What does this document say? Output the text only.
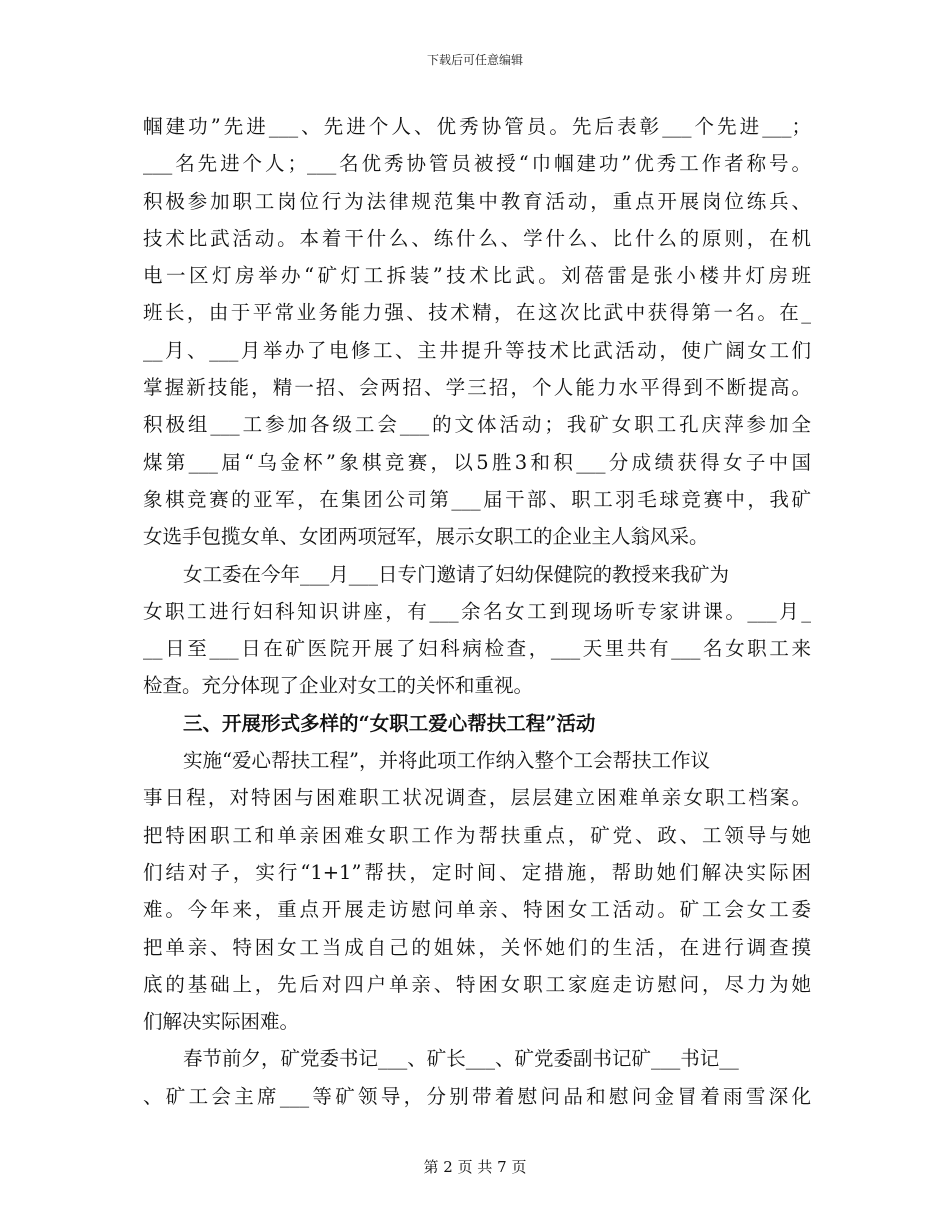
下载后可任意编辑
帼建功”先进___、先进个人、优秀协管员。先后表彰___个先进___；
___名先进个人；___名优秀协管员被授“巾帼建功”优秀工作者称号。
积极参加职工岗位行为法律规范集中教育活动，重点开展岗位练兵、
技术比武活动。本着干什么、练什么、学什么、比什么的原则，在机
电一区灯房举办“矿灯工拆装”技术比武。刘蓓雷是张小楼井灯房班
班长，由于平常业务能力强、技术精，在这次比武中获得第一名。在_
__月、___月举办了电修工、主井提升等技术比武活动，使广阔女工们
掌握新技能，精一招、会两招、学三招，个人能力水平得到不断提高。
积极组___工参加各级工会___的文体活动；我矿女职工孔庆萍参加全
煤第___届“乌金杯”象棋竞赛，以5胜3和积___分成绩获得女子中国
象棋竞赛的亚军，在集团公司第___届干部、职工羽毛球竞赛中，我矿
女选手包揽女单、女团两项冠军，展示女职工的企业主人翁风采。
女工委在今年___月___日专门邀请了妇幼保健院的教授来我矿为
女职工进行妇科知识讲座，有___余名女工到现场听专家讲课。___月_
__日至___日在矿医院开展了妇科病检查，___天里共有___名女职工来
检查。充分体现了企业对女工的关怀和重视。
三、开展形式多样的“女职工爱心帮扶工程”活动
实施“爱心帮扶工程”，并将此项工作纳入整个工会帮扶工作议
事日程，对特困与困难职工状况调查，层层建立困难单亲女职工档案。
把特困职工和单亲困难女职工作为帮扶重点，矿党、政、工领导与她
们结对子，实行“1+1”帮扶，定时间、定措施，帮助她们解决实际困
难。今年来，重点开展走访慰问单亲、特困女工活动。矿工会女工委
把单亲、特困女工当成自己的姐妹，关怀她们的生活，在进行调查摸
底的基础上，先后对四户单亲、特困女职工家庭走访慰问，尽力为她
们解决实际困难。
春节前夕，矿党委书记___、矿长___、矿党委副书记矿___书记__
、矿工会主席___等矿领导，分别带着慰问品和慰问金冒着雨雪深化
第 2 页 共 7 页
